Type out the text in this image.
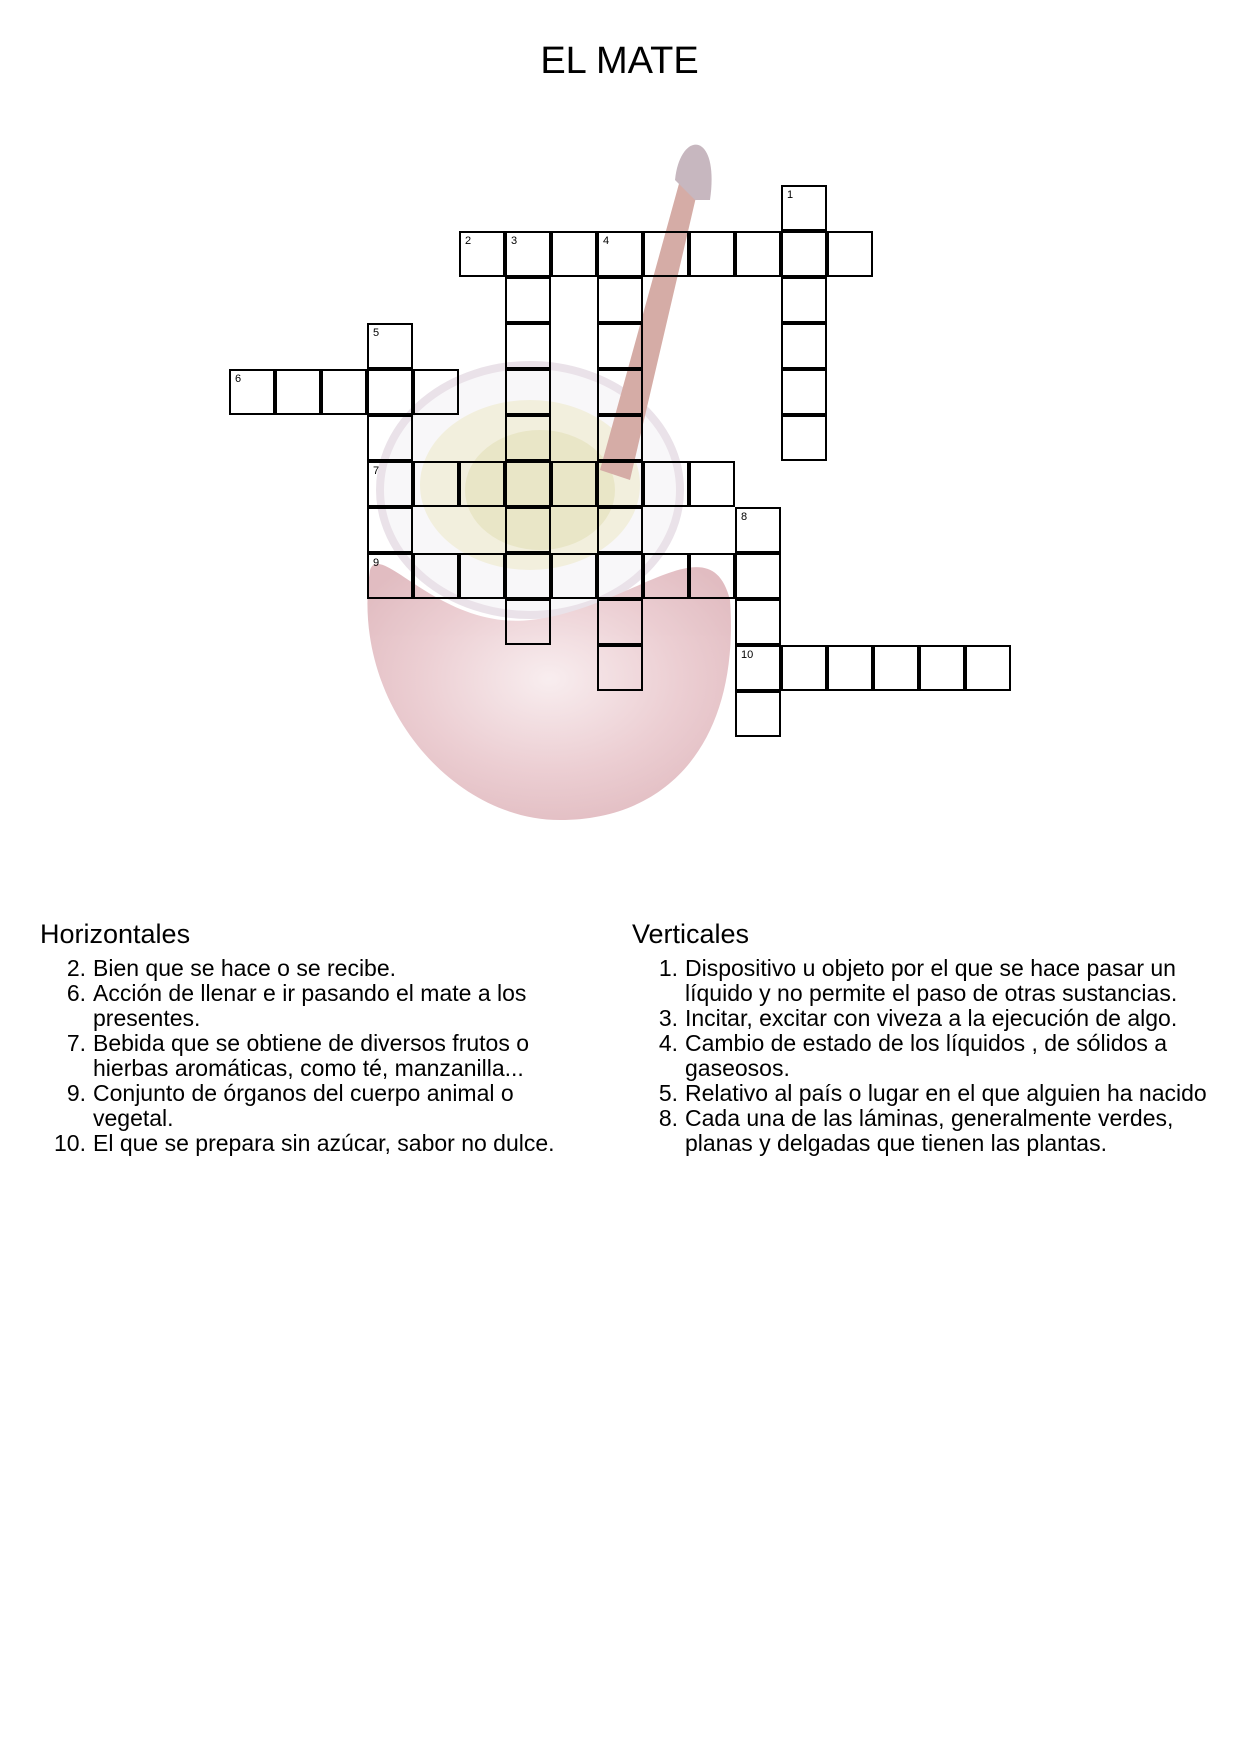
EL MATE
1
2	3	4
5
7
9
6
8
10
Horizontales
2. Bien que se hace o se recibe.
6. Acción de llenar e ir pasando el mate a los presentes.
7. Bebida que se obtiene de diversos frutos o hierbas aromáticas, como té, manzanilla...
9. Conjunto de órganos del cuerpo animal o vegetal.
10. El que se prepara sin azúcar, sabor no dulce.
Verticales
1. Dispositivo u objeto por el que se hace pasar un líquido y no permite el paso de otras sustancias.
3. Incitar, excitar con viveza a la ejecución de algo.
4. Cambio de estado de los líquidos , de sólidos a gaseosos.
5. Relativo al país o lugar en el que alguien ha nacido
8. Cada una de las láminas, generalmente verdes, planas y delgadas que tienen las plantas.
